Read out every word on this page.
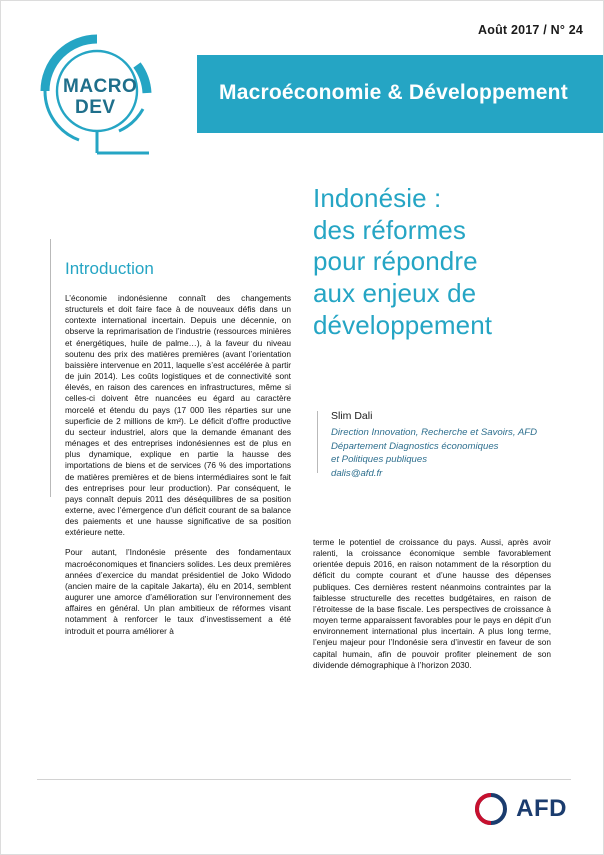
Août 2017 / N° 24
Macroéconomie & Développement
MACRO
DEV
Indonésie :
des réformes
pour répondre
aux enjeux de
développement
Slim Dali
Direction Innovation, Recherche et Savoirs, AFD
Département Diagnostics économiques
et Politiques publiques
dalis@afd.fr
Introduction

L’économie indonésienne connaît des changements structurels et doit faire face à de nouveaux défis dans un contexte international incertain. Depuis une décennie, on observe la reprimarisation de l’industrie (ressources minières et énergétiques, huile de palme…), à la faveur du niveau soutenu des prix des matières premières (avant l’orientation baissière intervenue en 2011, laquelle s’est accélérée à partir de juin 2014). Les coûts logistiques et de connectivité sont élevés, en raison des carences en infrastructures, même si celles-ci doivent être nuancées eu égard au caractère morcelé et étendu du pays (17 000 îles réparties sur une superficie de 2 millions de km²). Le déficit d’offre productive du secteur industriel, alors que la demande émanant des ménages et des entreprises indonésiennes est de plus en plus dynamique, explique en partie la hausse des importations de biens et de services (76 % des importations de matières premières et de biens intermédiaires sont le fait des entreprises pour leur production). Par conséquent, le pays connaît depuis 2011 des déséquilibres de sa position externe, avec l’émergence d’un déficit courant de sa balance des paiements et une hausse significative de sa position extérieure nette.

Pour autant, l’Indonésie présente des fondamentaux macroéconomiques et financiers solides. Les deux premières années d’exercice du mandat présidentiel de Joko Widodo (ancien maire de la capitale Jakarta), élu en 2014, semblent augurer une amorce d’amélioration sur l’environnement des affaires en général. Un plan ambitieux de réformes visant notamment à renforcer le taux d’investissement a été introduit et pourra améliorer à

terme le potentiel de croissance du pays. Aussi, après avoir ralenti, la croissance économique semble favorablement orientée depuis 2016, en raison notamment de la résorption du déficit du compte courant et d’une hausse des dépenses publiques. Ces dernières restent néanmoins contraintes par la faiblesse structurelle des recettes budgétaires, en raison de l’étroitesse de la base fiscale. Les perspectives de croissance à moyen terme apparaissent favorables pour le pays en dépit d’un environnement international plus incertain. A plus long terme, l’enjeu majeur pour l’Indonésie sera d’investir en faveur de son capital humain, afin de pouvoir profiter pleinement de son dividende démographique à l’horizon 2030.

AFD
